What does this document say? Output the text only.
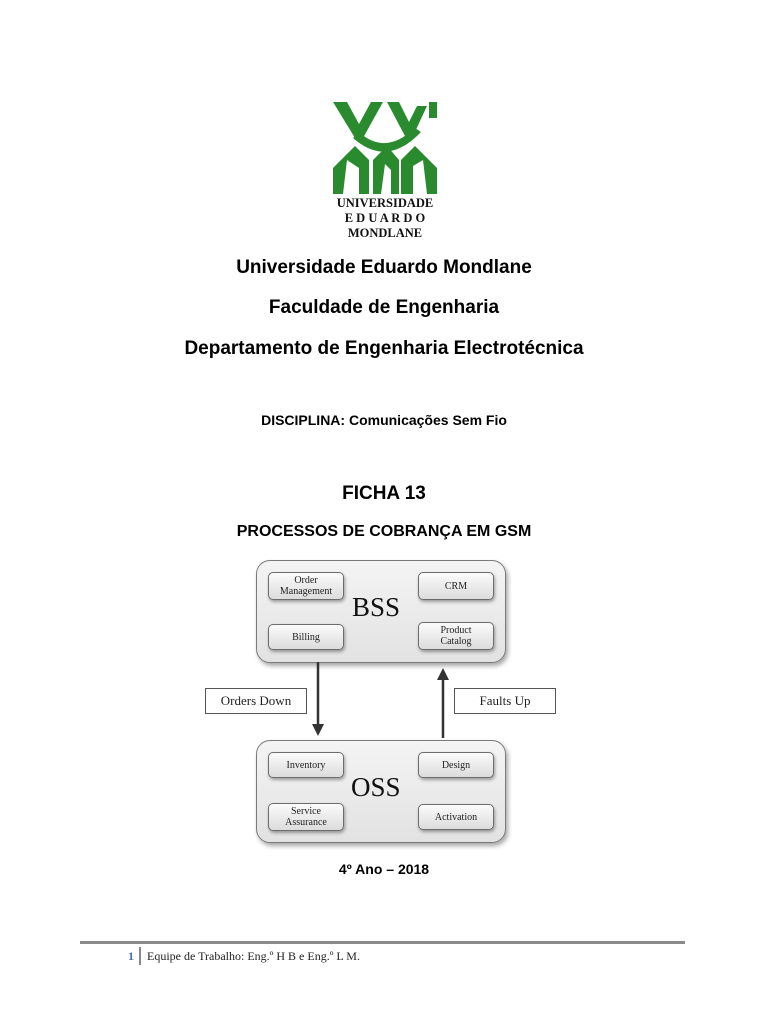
UNIVERSIDADE
E D U A R D O
MONDLANE
Universidade Eduardo Mondlane
Faculdade de Engenharia
Departamento de Engenharia Electrotécnica
DISCIPLINA: Comunicações Sem Fio
FICHA 13
PROCESSOS DE COBRANÇA EM GSM
Order
Management	CRM
Billing
Product
Catalog
BSS
Orders Down	Faults Up
Inventory	Design
Service
Assurance	Activation
OSS
4º Ano – 2018
1	Equipe de Trabalho: Eng.º H B e Eng.º L M.
